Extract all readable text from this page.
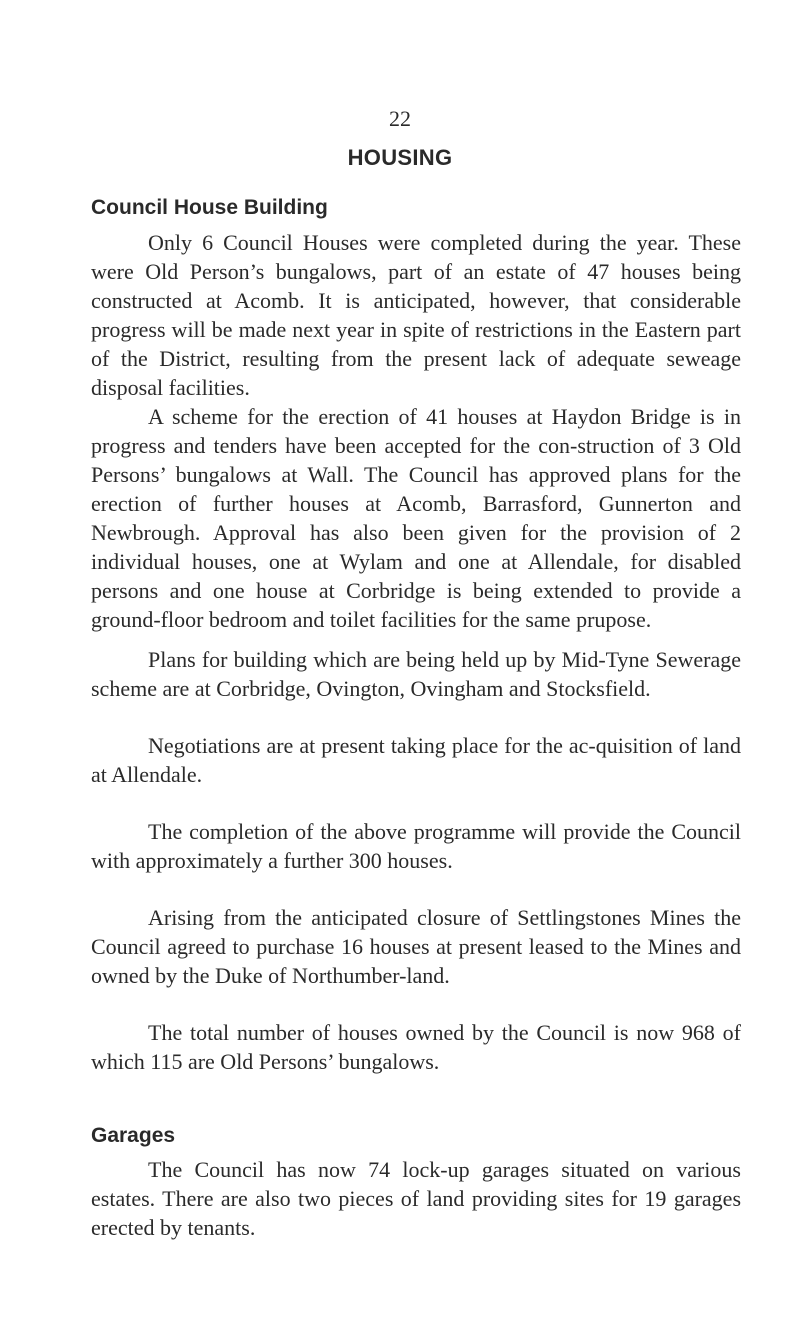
22
HOUSING
Council House Building

Only 6 Council Houses were completed during the year. These were Old Person’s bungalows, part of an estate of 47 houses being constructed at Acomb. It is anticipated, however, that considerable progress will be made next year in spite of restrictions in the Eastern part of the District, resulting from the present lack of adequate seweage disposal facilities.

A scheme for the erection of 41 houses at Haydon Bridge is in progress and tenders have been accepted for the con-struction of 3 Old Persons’ bungalows at Wall. The Council has approved plans for the erection of further houses at Acomb, Barrasford, Gunnerton and Newbrough. Approval has also been given for the provision of 2 individual houses, one at Wylam and one at Allendale, for disabled persons and one house at Corbridge is being extended to provide a ground-floor bedroom and toilet facilities for the same prupose.

Plans for building which are being held up by Mid-Tyne Sewerage scheme are at Corbridge, Ovington, Ovingham and Stocksfield.

Negotiations are at present taking place for the ac-quisition of land at Allendale.

The completion of the above programme will provide the Council with approximately a further 300 houses.

Arising from the anticipated closure of Settlingstones Mines the Council agreed to purchase 16 houses at present leased to the Mines and owned by the Duke of Northumber-land.

The total number of houses owned by the Council is now 968 of which 115 are Old Persons’ bungalows.

Garages

The Council has now 74 lock-up garages situated on various estates. There are also two pieces of land providing sites for 19 garages erected by tenants.
